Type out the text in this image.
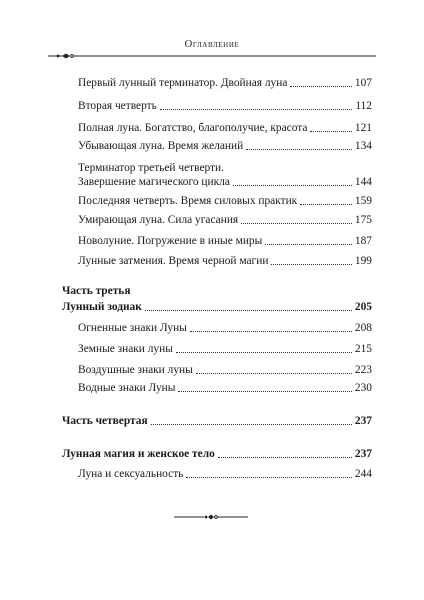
Оглавление
Первый лунный терминатор. Двойная луна	107
Вторая четверть	112
Полная луна. Богатство, благополучие, красота	121
Убывающая луна. Время желаний	134
Терминатор третьей четверти.
Завершение магического цикла	144
Последняя четверть. Время силовых практик	159
Умирающая луна. Сила угасания	175
Новолуние. Погружение в иные миры	187
Лунные затмения. Время черной магии	199
Часть третья
Лунный зодиак	205
Огненные знаки Луны	208
Земные знаки луны	215
Воздушные знаки луны	223
Водные знаки Луны	230
Часть четвертая	237
Лунная магия и женское тело	237
Луна и сексуальность	244
